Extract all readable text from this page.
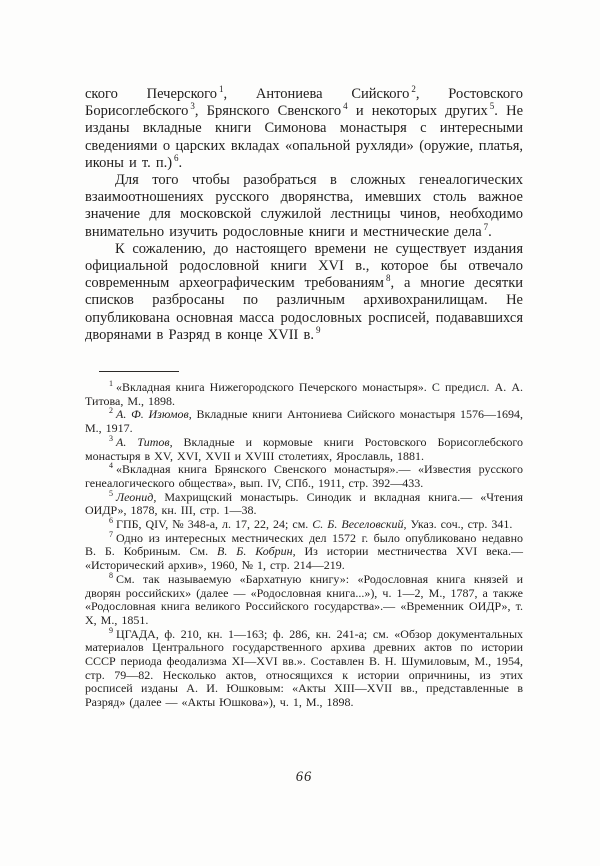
ского Печерского $^1$, Антониева Сийского $^2$, Ростовского Борисоглебского $^3$, Брянского Свенского $^4$ и некоторых других $^5$. Не изданы вкладные книги Симонова монастыря с интересными сведениями о царских вкладах «опальной рухляди» (оружие, платья, иконы и т. п.) $^6$.

Для того чтобы разобраться в сложных генеалогических взаимоотношениях русского дворянства, имевших столь важное значение для московской служилой лестницы чинов, необходимо внимательно изучить родословные книги и местнические дела $^7$.

К сожалению, до настоящего времени не существует издания официальной родословной книги XVI в., которое бы отвечало современным археографическим требованиям $^8$, а многие десятки списков разбросаны по различным архивохранилищам. Не опубликована основная масса родословных росписей, подававшихся дворянами в Разряд в конце XVII в. $^9$

$^1$ «Вкладная книга Нижегородского Печерского монастыря». С предисл. А. А. Титова, М., 1898.

$^2$ А. Ф. Изюмов, Вкладные книги Антониева Сийского монастыря 1576—1694, М., 1917.

$^3$ А. Титов, Вкладные и кормовые книги Ростовского Борисоглебского монастыря в XV, XVI, XVII и XVIII столетиях, Ярославль, 1881.

$^4$ «Вкладная книга Брянского Свенского монастыря».— «Известия русского генеалогического общества», вып. IV, СПб., 1911, стр. 392—433.

$^5$ Леонид, Махрищский монастырь. Синодик и вкладная книга.— «Чтения ОИДР», 1878, кн. III, стр. 1—38.

$^6$ ГПБ, QIV, № 348-а, л. 17, 22, 24; см. С. Б. Веселовский, Указ. соч., стр. 341.

$^7$ Одно из интересных местнических дел 1572 г. было опубликовано недавно В. Б. Кобриным. См. В. Б. Кобрин, Из истории местничества XVI века.— «Исторический архив», 1960, № 1, стр. 214—219.

$^8$ См. так называемую «Бархатную книгу»: «Родословная книга князей и дворян российских» (далее — «Родословная книга...»), ч. 1—2, М., 1787, а также «Родословная книга великого Российского государства».— «Временник ОИДР», т. X, М., 1851.

$^9$ ЦГАДА, ф. 210, кн. 1—163; ф. 286, кн. 241-а; см. «Обзор документальных материалов Центрального государственного архива древних актов по истории СССР периода феодализма XI—XVI вв.». Составлен В. Н. Шумиловым, М., 1954, стр. 79—82. Несколько актов, относящихся к истории опричнины, из этих росписей изданы А. И. Юшковым: «Акты XIII—XVII вв., представленные в Разряд» (далее — «Акты Юшкова»), ч. 1, М., 1898.

66
